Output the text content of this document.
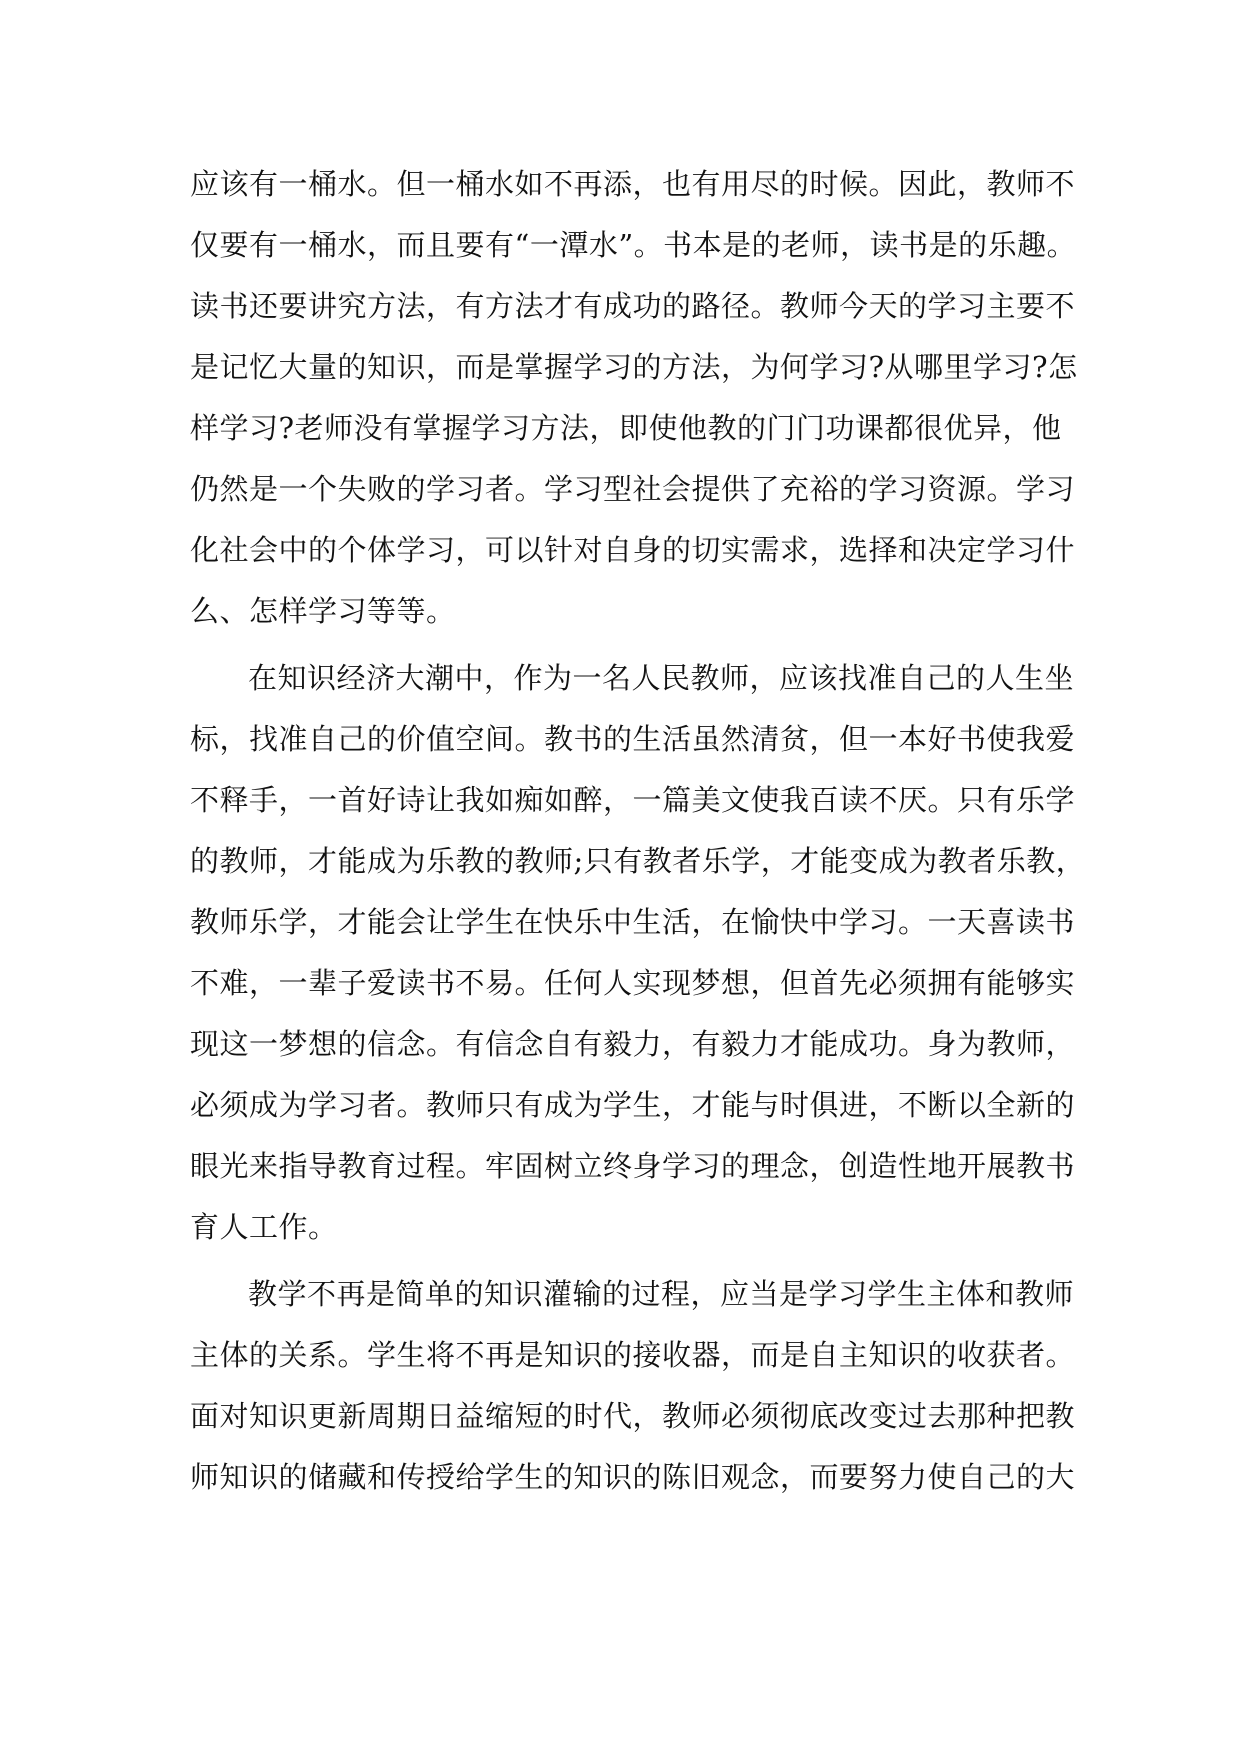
应该有一桶水。但一桶水如不再添，也有用尽的时候。因此，教师不
仅要有一桶水，而且要有“一潭水”。书本是的老师，读书是的乐趣。
读书还要讲究方法，有方法才有成功的路径。教师今天的学习主要不
是记忆大量的知识，而是掌握学习的方法，为何学习?从哪里学习?怎
样学习?老师没有掌握学习方法，即使他教的门门功课都很优异，他
仍然是一个失败的学习者。学习型社会提供了充裕的学习资源。学习
化社会中的个体学习，可以针对自身的切实需求，选择和决定学习什
么、怎样学习等等。
在知识经济大潮中，作为一名人民教师，应该找准自己的人生坐
标，找准自己的价值空间。教书的生活虽然清贫，但一本好书使我爱
不释手，一首好诗让我如痴如醉，一篇美文使我百读不厌。只有乐学
的教师，才能成为乐教的教师;只有教者乐学，才能变成为教者乐教，
教师乐学，才能会让学生在快乐中生活，在愉快中学习。一天喜读书
不难，一辈子爱读书不易。任何人实现梦想，但首先必须拥有能够实
现这一梦想的信念。有信念自有毅力，有毅力才能成功。身为教师，
必须成为学习者。教师只有成为学生，才能与时俱进，不断以全新的
眼光来指导教育过程。牢固树立终身学习的理念，创造性地开展教书
育人工作。
教学不再是简单的知识灌输的过程，应当是学习学生主体和教师
主体的关系。学生将不再是知识的接收器，而是自主知识的收获者。
面对知识更新周期日益缩短的时代，教师必须彻底改变过去那种把教
师知识的储藏和传授给学生的知识的陈旧观念，而要努力使自己的大
